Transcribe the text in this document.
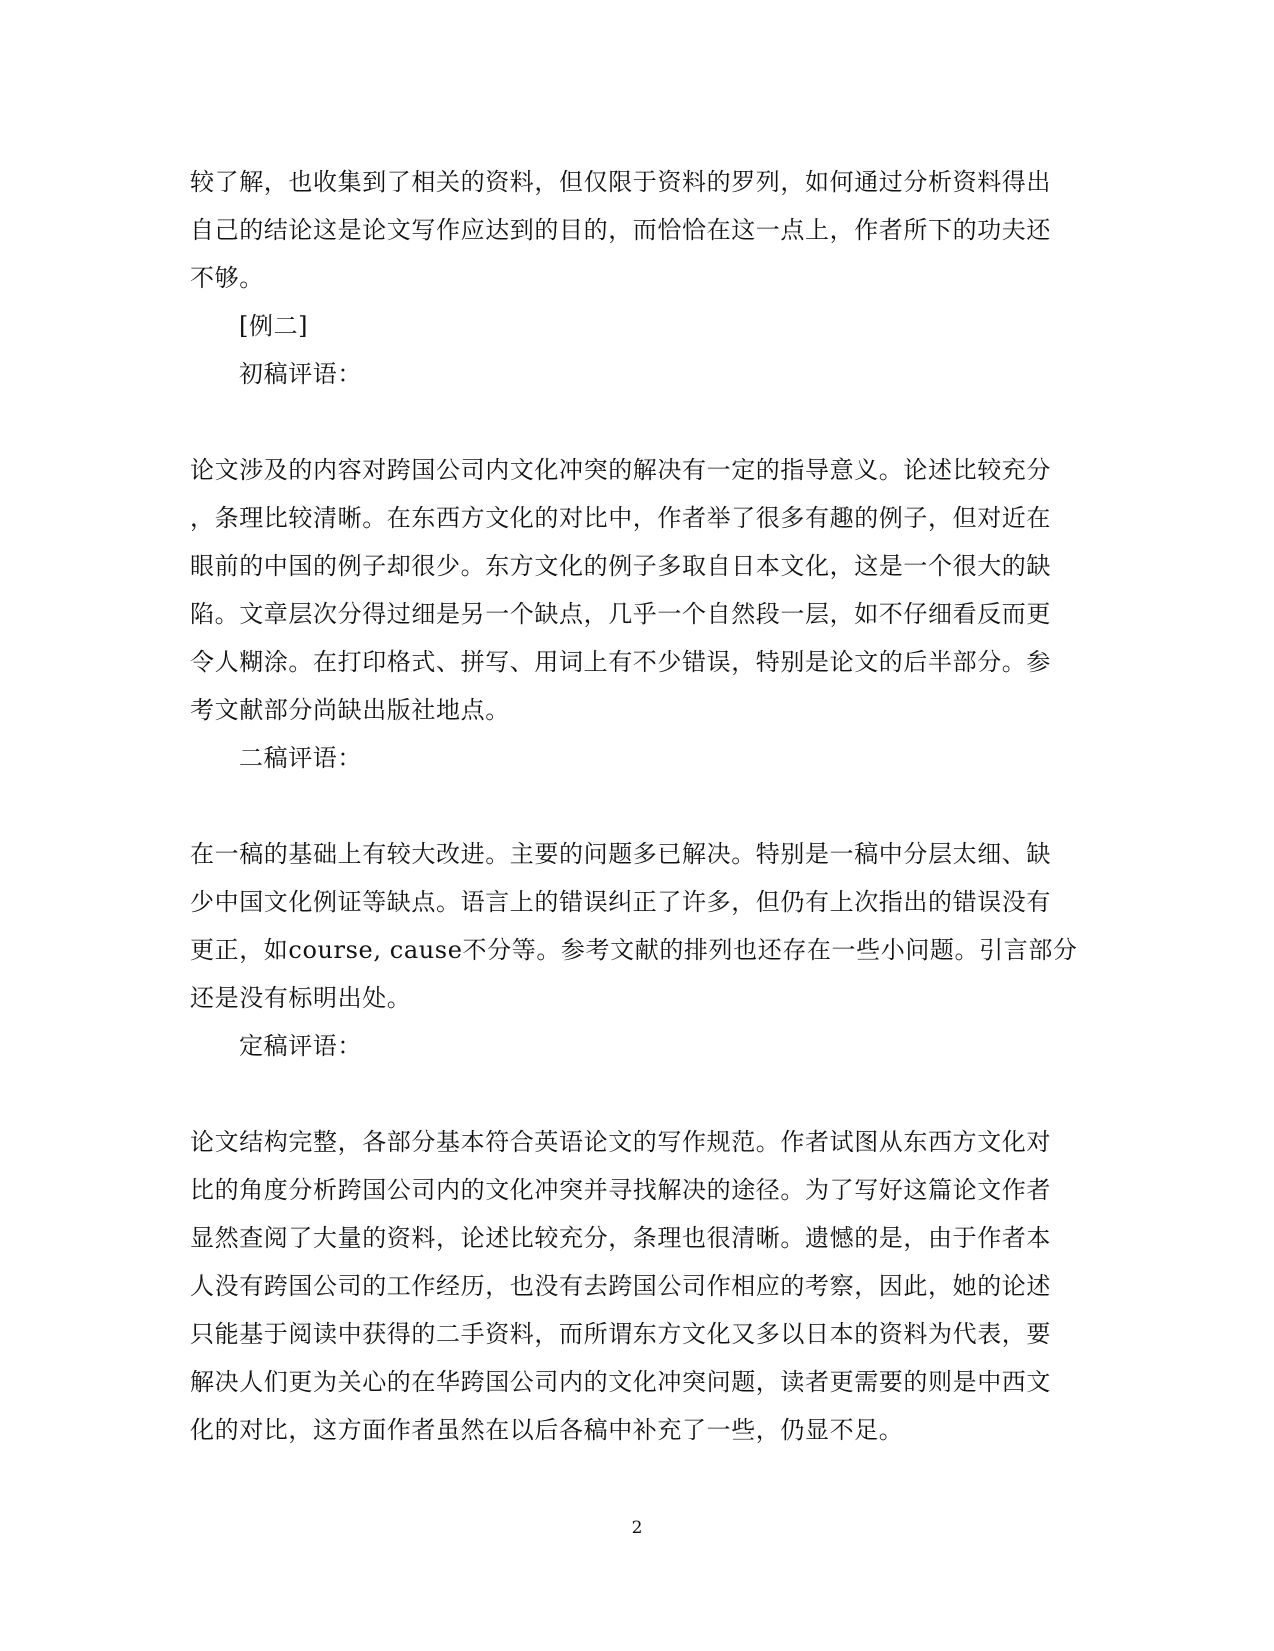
较了解，也收集到了相关的资料，但仅限于资料的罗列，如何通过分析资料得出
自己的结论这是论文写作应达到的目的，而恰恰在这一点上，作者所下的功夫还
不够。
[例二]
初稿评语：
论文涉及的内容对跨国公司内文化冲突的解决有一定的指导意义。论述比较充分
，条理比较清晰。在东西方文化的对比中，作者举了很多有趣的例子，但对近在
眼前的中国的例子却很少。东方文化的例子多取自日本文化，这是一个很大的缺
陷。文章层次分得过细是另一个缺点，几乎一个自然段一层，如不仔细看反而更
令人糊涂。在打印格式、拼写、用词上有不少错误，特别是论文的后半部分。参
考文献部分尚缺出版社地点。
二稿评语：
在一稿的基础上有较大改进。主要的问题多已解决。特别是一稿中分层太细、缺
少中国文化例证等缺点。语言上的错误纠正了许多，但仍有上次指出的错误没有
更正，如course, cause不分等。参考文献的排列也还存在一些小问题。引言部分
还是没有标明出处。
定稿评语：
论文结构完整，各部分基本符合英语论文的写作规范。作者试图从东西方文化对
比的角度分析跨国公司内的文化冲突并寻找解决的途径。为了写好这篇论文作者
显然查阅了大量的资料，论述比较充分，条理也很清晰。遗憾的是，由于作者本
人没有跨国公司的工作经历，也没有去跨国公司作相应的考察，因此，她的论述
只能基于阅读中获得的二手资料，而所谓东方文化又多以日本的资料为代表，要
解决人们更为关心的在华跨国公司内的文化冲突问题，读者更需要的则是中西文
化的对比，这方面作者虽然在以后各稿中补充了一些，仍显不足。
2
